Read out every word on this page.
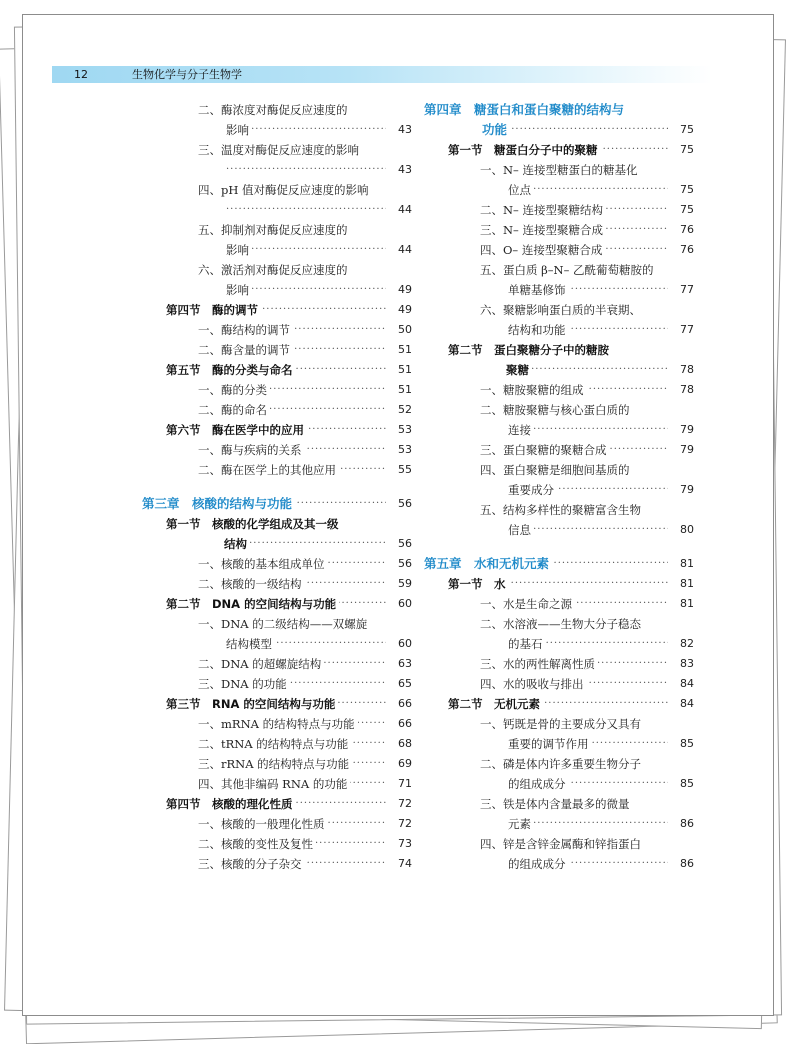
12	生物化学与分子生物学
二、酶浓度对酶促反应速度的
·····
影响	43
三、温度对酶促反应速度的影响
·····
43
四、pH 值对酶促反应速度的影响
·····
44
五、抑制剂对酶促反应速度的
·····
影响	44
六、激活剂对酶促反应速度的
·····
影响	49
·····
第四节　酶的调节	49
·····
一、酶结构的调节	50
·····
二、酶含量的调节	51
·····
第五节　酶的分类与命名	51
·····
一、酶的分类	51
·····
二、酶的命名	52
·····
第六节　酶在医学中的应用	53
·····
一、酶与疾病的关系	53
·····
二、酶在医学上的其他应用	55
·····
第三章　核酸的结构与功能	56
第一节　核酸的化学组成及其一级
·····
结构	56
·····
一、核酸的基本组成单位	56
·····
二、核酸的一级结构	59
·····
第二节　DNA 的空间结构与功能	60
一、DNA 的二级结构——双螺旋
·····
结构模型	60
·····
二、DNA 的超螺旋结构	63
·····
三、DNA 的功能	65
·····
第三节　RNA 的空间结构与功能	66
·····
一、mRNA 的结构特点与功能	66
·····
二、tRNA 的结构特点与功能	68
·····
三、rRNA 的结构特点与功能	69
·····
四、其他非编码 RNA 的功能	71
·····
第四节　核酸的理化性质	72
·····
一、核酸的一般理化性质	72
·····
二、核酸的变性及复性	73
·····
三、核酸的分子杂交	74
第四章　糖蛋白和蛋白聚糖的结构与
·····
功能	75
·····
第一节　糖蛋白分子中的聚糖	75
一、N– 连接型糖蛋白的糖基化
·····
位点	75
·····
二、N– 连接型聚糖结构	75
·····
三、N– 连接型聚糖合成	76
·····
四、O– 连接型聚糖合成	76
五、蛋白质 β–N– 乙酰葡萄糖胺的
·····
单糖基修饰	77
六、聚糖影响蛋白质的半衰期、
·····
结构和功能	77
第二节　蛋白聚糖分子中的糖胺
·····
聚糖	78
·····
一、糖胺聚糖的组成	78
二、糖胺聚糖与核心蛋白质的
·····
连接	79
·····
三、蛋白聚糖的聚糖合成	79
四、蛋白聚糖是细胞间基质的
·····
重要成分	79
五、结构多样性的聚糖富含生物
·····
信息	80
·····
第五章　水和无机元素	81
·····
第一节　水	81
·····
一、水是生命之源	81
二、水溶液——生物大分子稳态
·····
的基石	82
·····
三、水的两性解离性质	83
·····
四、水的吸收与排出	84
·····
第二节　无机元素	84
一、钙既是骨的主要成分又具有
·····
重要的调节作用	85
二、磷是体内许多重要生物分子
·····
的组成成分	85
三、铁是体内含量最多的微量
·····
元素	86
四、锌是含锌金属酶和锌指蛋白
·····
的组成成分	86
